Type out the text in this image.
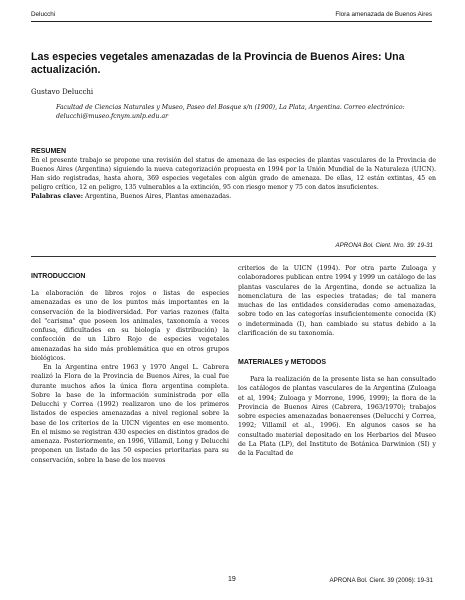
Delucchi	Flora amenazada de Buenos Aires
Las especies vegetales amenazadas de la Provincia de Buenos Aires: Una actualización.
Gustavo Delucchi
Facultad de Ciencias Naturales y Museo, Paseo del Bosque s/n (1900), La Plata, Argentina. Correo electrónico: delucchi@museo.fcnym.unlp.edu.ar

RESUMEN

En el presente trabajo se propone una revisión del status de amenaza de las especies de plantas vasculares de la Provincia de Buenos Aires (Argentina) siguiendo la nueva categorización propuesta en 1994 por la Unión Mundial de la Naturaleza (UICN). Han sido registradas, hasta ahora, 369 especies vegetales con algún grado de amenaza. De ellas, 12 están extintas, 45 en peligro crítico, 12 en peligro, 135 vulnerables a la extinción, 95 con riesgo menor y 75 con datos insuficientes.
Palabras clave: Argentina, Buenos Aires, Plantas amenazadas.

APRONA Bol. Cient. Nro. 39: 19-31

INTRODUCCION

La elaboración de libros rojos o listas de especies amenazadas es uno de los puntos más importantes en la conservación de la biodiversidad. Por varias razones (falta del "carisma" que poseen los animales, taxonomía a veces confusa, dificultades en su biología y distribución) la confección de un Libro Rojo de especies vegetales amenazadas ha sido más problemática que en otros grupos biológicos.

En la Argentina entre 1963 y 1970 Angel L. Cabrera realizó la Flora de la Provincia de Buenos Aires, la cual fue durante muchos años la única flora argentina completa. Sobre la base de la información suministrada por ella Delucchi y Correa (1992) realizaron uno de los primeros listados de especies amenazadas a nivel regional sobre la base de los criterios de la UICN vigentes en ese momento. En el mismo se registran 430 especies en distintos grados de amenaza. Posteriormente, en 1996, Villamil, Long y Delucchi proponen un listado de las 50 especies prioritarias para su conservación, sobre la base de los nuevos

criterios de la UICN (1994). Por otra parte Zuloaga y colaboradores publican entre 1994 y 1999 un catálogo de las plantas vasculares de la Argentina, donde se actualiza la nomenclatura de las especies tratadas; de tal manera muchas de las entidades consideradas como amenazadas, sobre todo en las categorías insuficientemente conocida (K) o indeterminada (I), han cambiado su status debido a la clarificación de su taxonomía.

MATERIALES y METODOS

Para la realización de la presente lista se han consultado los catálogos de plantas vasculares de la Argentina (Zuloaga et al, 1994; Zuloaga y Morrone, 1996, 1999); la flora de la Provincia de Buenos Aires (Cabrera, 1963/1970); trabajos sobre especies amenazadas bonaerenses (Delucchi y Correa, 1992; Villamil et al., 1996). En algunos casos se ha consultado material depositado en los Herbarios del Museo de La Plata (LP), del Instituto de Botánica Darwinion (SI) y de la Facultad de

19	APRONA Bol. Cient. 39 (2006): 19-31
